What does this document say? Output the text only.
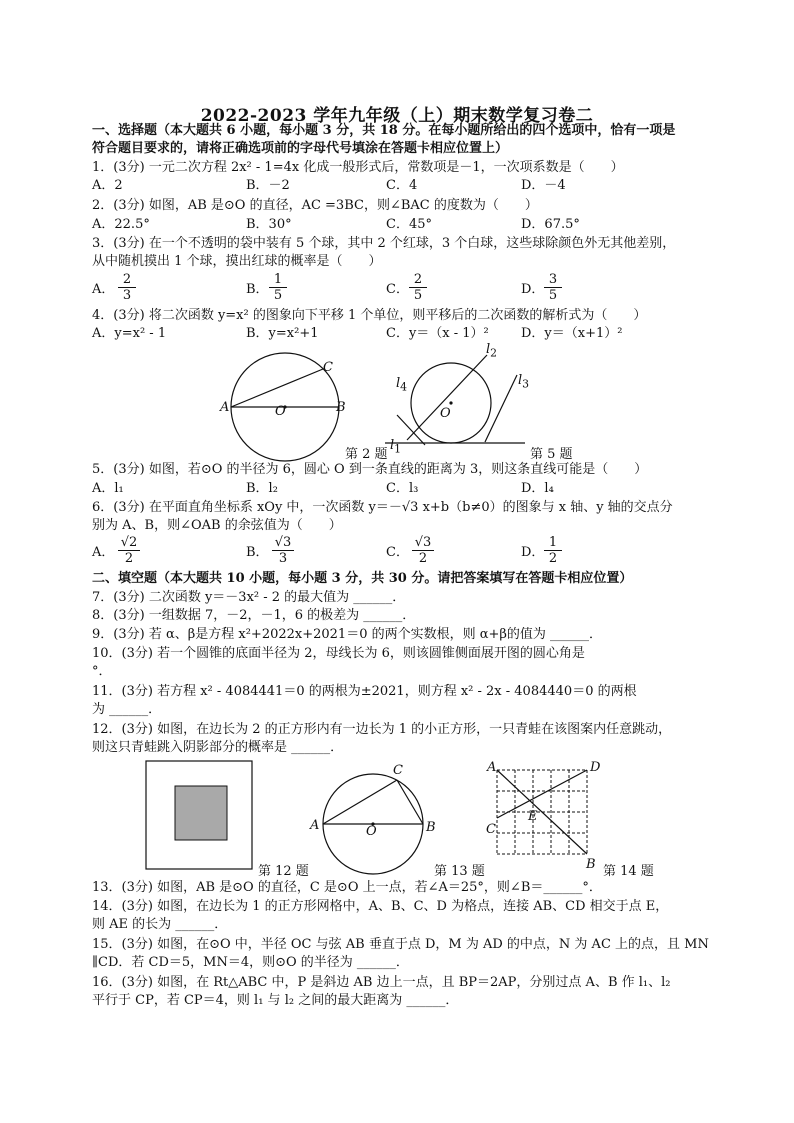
2022-2023 学年九年级（上）期末数学复习卷二
一、选择题（本大题共 6 小题，每小题 3 分，共 18 分。在每小题所给出的四个选项中，恰有一项是
符合题目要求的，请将正确选项前的字母代号填涂在答题卡相应位置上）
1．(3分) 一元二次方程 2x² - 1=4x 化成一般形式后，常数项是－1，一次项系数是（　　）
A．2	B．－2	C．4	D．－4
2．(3分) 如图，AB 是⊙O 的直径，AC =3BC，则∠BAC 的度数为（　　）
A．22.5°	B．30°	C．45°	D．67.5°
3．(3分) 在一个不透明的袋中装有 5 个球，其中 2 个红球，3 个白球，这些球除颜色外无其他差别，
从中随机摸出 1 个球，摸出红球的概率是（　　）
A．
2
3	B．
1
5	C．
2
5	D．
3
5
4．(3分) 将二次函数 y=x² 的图象向下平移 1 个单位，则平移后的二次函数的解析式为（　　）
A．y=x² - 1	B．y=x²+1	C．y＝（x - 1）² D．y＝（x+1）²
A	B
C
O
第 2 题
$l_2$
$l_3$
$l_4$
$l_1$
O
第 5 题
5．(3分) 如图，若⊙O 的半径为 6，圆心 O 到一条直线的距离为 3，则这条直线可能是（　　）
A．l₁	B．l₂	C．l₃	D．l₄
6．(3分) 在平面直角坐标系 xOy 中，一次函数 y＝－√3 x+b（b≠0）的图象与 x 轴、y 轴的交点分
别为 A、B，则∠OAB 的余弦值为（　　）
A．
√2
2	B．
√3
3	C．
√3
2	D．
1
2
二、填空题（本大题共 10 小题，每小题 3 分，共 30 分。请把答案填写在答题卡相应位置）
7．(3分) 二次函数 y＝－3x² - 2 的最大值为 ______．
8．(3分) 一组数据 7，－2，－1，6 的极差为 ______．
9．(3分) 若 α、β是方程 x²+2022x+2021＝0 的两个实数根，则 α+β的值为 ______．
10．(3分) 若一个圆锥的底面半径为 2，母线长为 6，则该圆锥侧面展开图的圆心角是
°．
11．(3分) 若方程 x² - 4084441＝0 的两根为±2021，则方程 x² - 2x - 4084440＝0 的两根
为 ______．
12．(3分) 如图，在边长为 2 的正方形内有一边长为 1 的小正方形，一只青蛙在该图案内任意跳动，
则这只青蛙跳入阴影部分的概率是 ______．
第 12 题
A	B
C
O
第 13 题
A	D
C
E
B 第 14 题
13．(3分) 如图，AB 是⊙O 的直径，C 是⊙O 上一点，若∠A＝25°，则∠B＝______°．
14．(3分) 如图，在边长为 1 的正方形网格中，A、B、C、D 为格点，连接 AB、CD 相交于点 E，
则 AE 的长为 ______．
15．(3分) 如图，在⊙O 中，半径 OC 与弦 AB 垂直于点 D，M 为 AD 的中点，N 为 AC 上的点，且 MN
∥CD．若 CD＝5，MN＝4，则⊙O 的半径为 ______．
16．(3分) 如图，在 Rt△ABC 中，P 是斜边 AB 边上一点，且 BP＝2AP，分别过点 A、B 作 l₁、l₂
平行于 CP，若 CP＝4，则 l₁ 与 l₂ 之间的最大距离为 ______．
